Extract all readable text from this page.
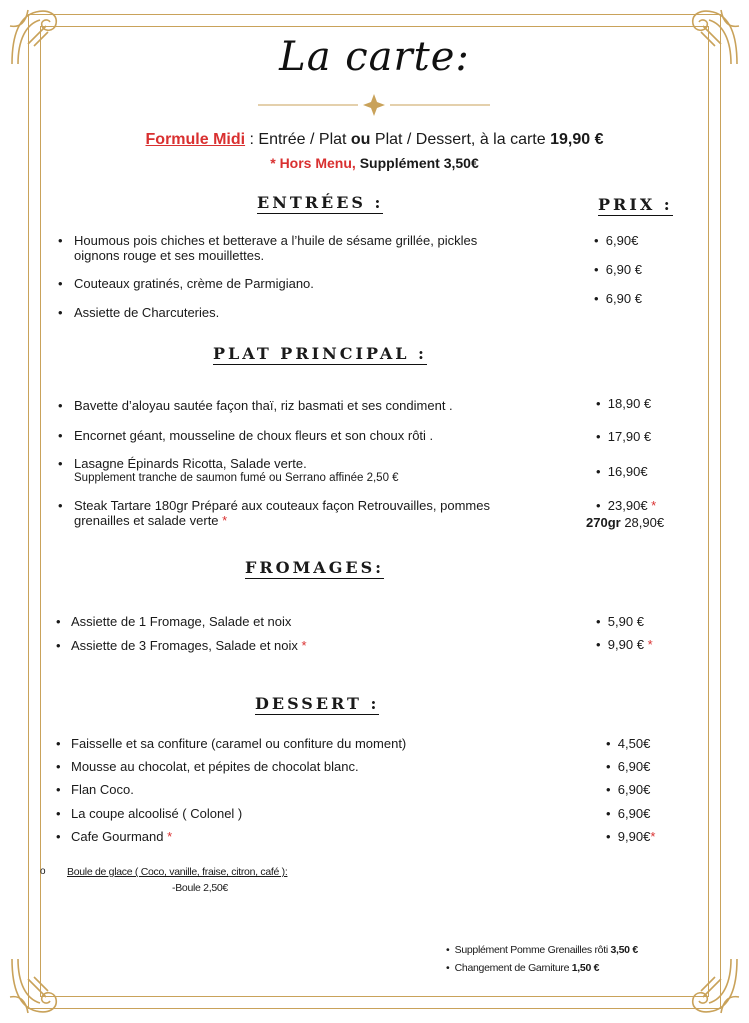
La carte:
Formule Midi : Entrée / Plat ou Plat / Dessert, à la carte 19,90 €
* Hors Menu, Supplément 3,50€
ENTRÉES :	PRIX :
• Houmous pois chiches et betterave a l’huile de sésame grillée, pickles
oignons rouge et ses mouillettes.
• Couteaux gratinés, crème de Parmigiano.
• Assiette de Charcuteries.
•  6,90€
•  6,90 €
•  6,90 €
PLAT PRINCIPAL :
• Bavette d’aloyau sautée façon thaï, riz basmati et ses condiment .
• Encornet géant, mousseline de choux fleurs et son choux rôti .
• Lasagne Épinards Ricotta, Salade verte.
Supplement tranche de saumon fumé ou Serrano affinée 2,50 €
• Steak Tartare 180gr Préparé aux couteaux façon Retrouvailles, pommes
grenailles et salade verte *
•  18,90 €
•  17,90 €
•  16,90€
•  23,90€ *
270gr 28,90€
FROMAGES:
• Assiette de 1 Fromage, Salade et noix
• Assiette de 3 Fromages, Salade et noix *
•  5,90 €
•  9,90 € *
DESSERT :
• Faisselle et sa confiture (caramel ou confiture du moment)
• Mousse au chocolat, et pépites de chocolat blanc.
• Flan Coco.
• La coupe alcoolisé ( Colonel )
• Cafe Gourmand *
•  4,50€
•  6,90€
•  6,90€
•  6,90€
•  9,90€*
o Boule de glace ( Coco, vanille, fraise, citron, café ):
-Boule 2,50€
•  Supplément Pomme Grenailles rôti 3,50 €
•  Changement de Garniture 1,50 €
